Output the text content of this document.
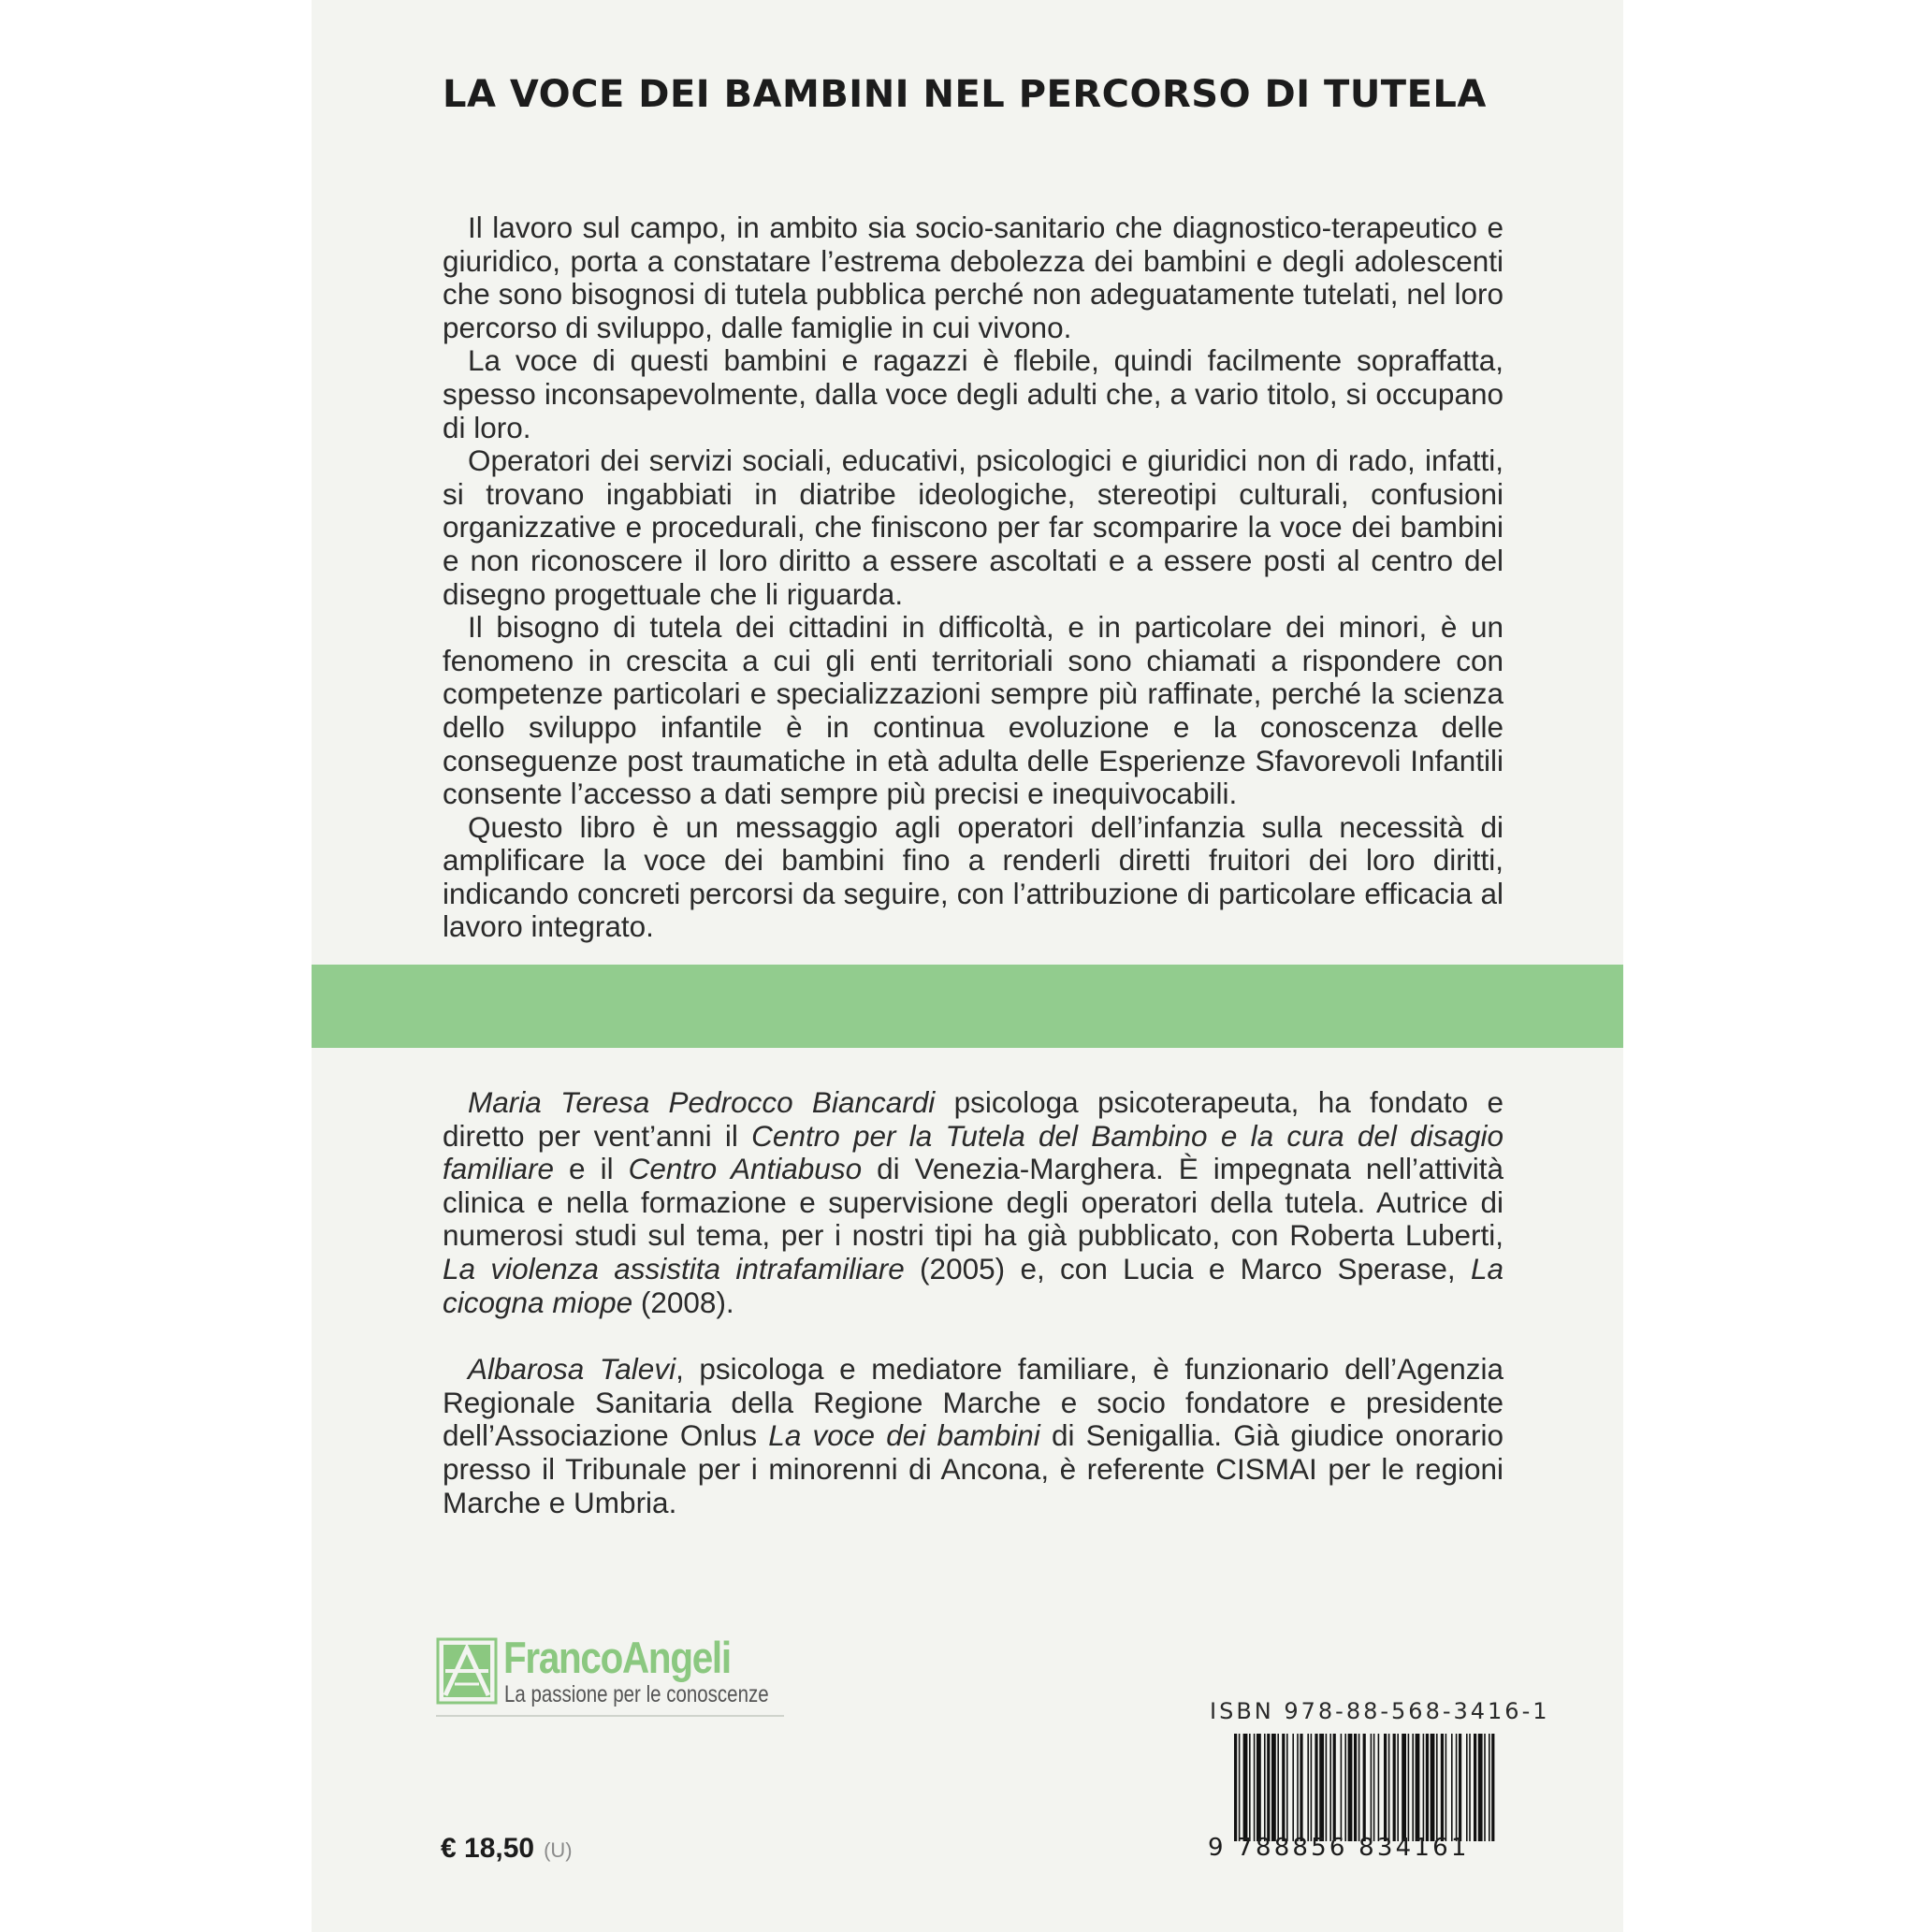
LA VOCE DEI BAMBINI NEL PERCORSO DI TUTELA

Il lavoro sul campo, in ambito sia socio-sanitario che diagnostico-terapeutico e giuridico, porta a constatare l’estrema debolezza dei bambini e degli adolescenti che sono bisognosi di tutela pubblica perché non adeguatamente tutelati, nel loro percorso di sviluppo, dalle famiglie in cui vivono.

La voce di questi bambini e ragazzi è flebile, quindi facilmente sopraffatta, spesso inconsapevolmente, dalla voce degli adulti che, a vario titolo, si occupano di loro.

Operatori dei servizi sociali, educativi, psicologici e giuridici non di rado, infatti, si trovano ingabbiati in diatribe ideologiche, stereotipi culturali, confusioni organizzative e procedurali, che finiscono per far scomparire la voce dei bambini e non riconoscere il loro diritto a essere ascoltati e a essere posti al centro del disegno progettuale che li riguarda.

Il bisogno di tutela dei cittadini in difficoltà, e in particolare dei minori, è un fenomeno in crescita a cui gli enti territoriali sono chiamati a rispondere con competenze particolari e specializzazioni sempre più raffinate, perché la scienza dello sviluppo infantile è in continua evoluzione e la conoscenza delle conseguenze post traumatiche in età adulta delle Esperienze Sfavorevoli Infantili consente l’accesso a dati sempre più precisi e inequivocabili.

Questo libro è un messaggio agli operatori dell’infanzia sulla necessità di amplificare la voce dei bambini fino a renderli diretti fruitori dei loro diritti, indicando concreti percorsi da seguire, con l’attribuzione di particolare efficacia al lavoro integrato.

Maria Teresa Pedrocco Biancardi psicologa psicoterapeuta, ha fondato e diretto per vent’anni il Centro per la Tutela del Bambino e la cura del disagio familiare e il Centro Antiabuso di Venezia-Marghera. È impegnata nell’attività clinica e nella formazione e supervisione degli operatori della tutela. Autrice di numerosi studi sul tema, per i nostri tipi ha già pubblicato, con Roberta Luberti, La violenza assistita intrafamiliare (2005) e, con Lucia e Marco Sperase, La cicogna miope (2008).

Albarosa Talevi, psicologa e mediatore familiare, è funzionario dell’Agenzia Regionale Sanitaria della Regione Marche e socio fondatore e presidente dell’Associazione Onlus La voce dei bambini di Senigallia. Già giudice onorario presso il Tribunale per i minorenni di Ancona, è referente CISMAI per le regioni Marche e Umbria.

FrancoAngeli
La passione per le conoscenze
ISBN 978-88-568-3416-1
9 788856 834161
€ 18,50 (U)
